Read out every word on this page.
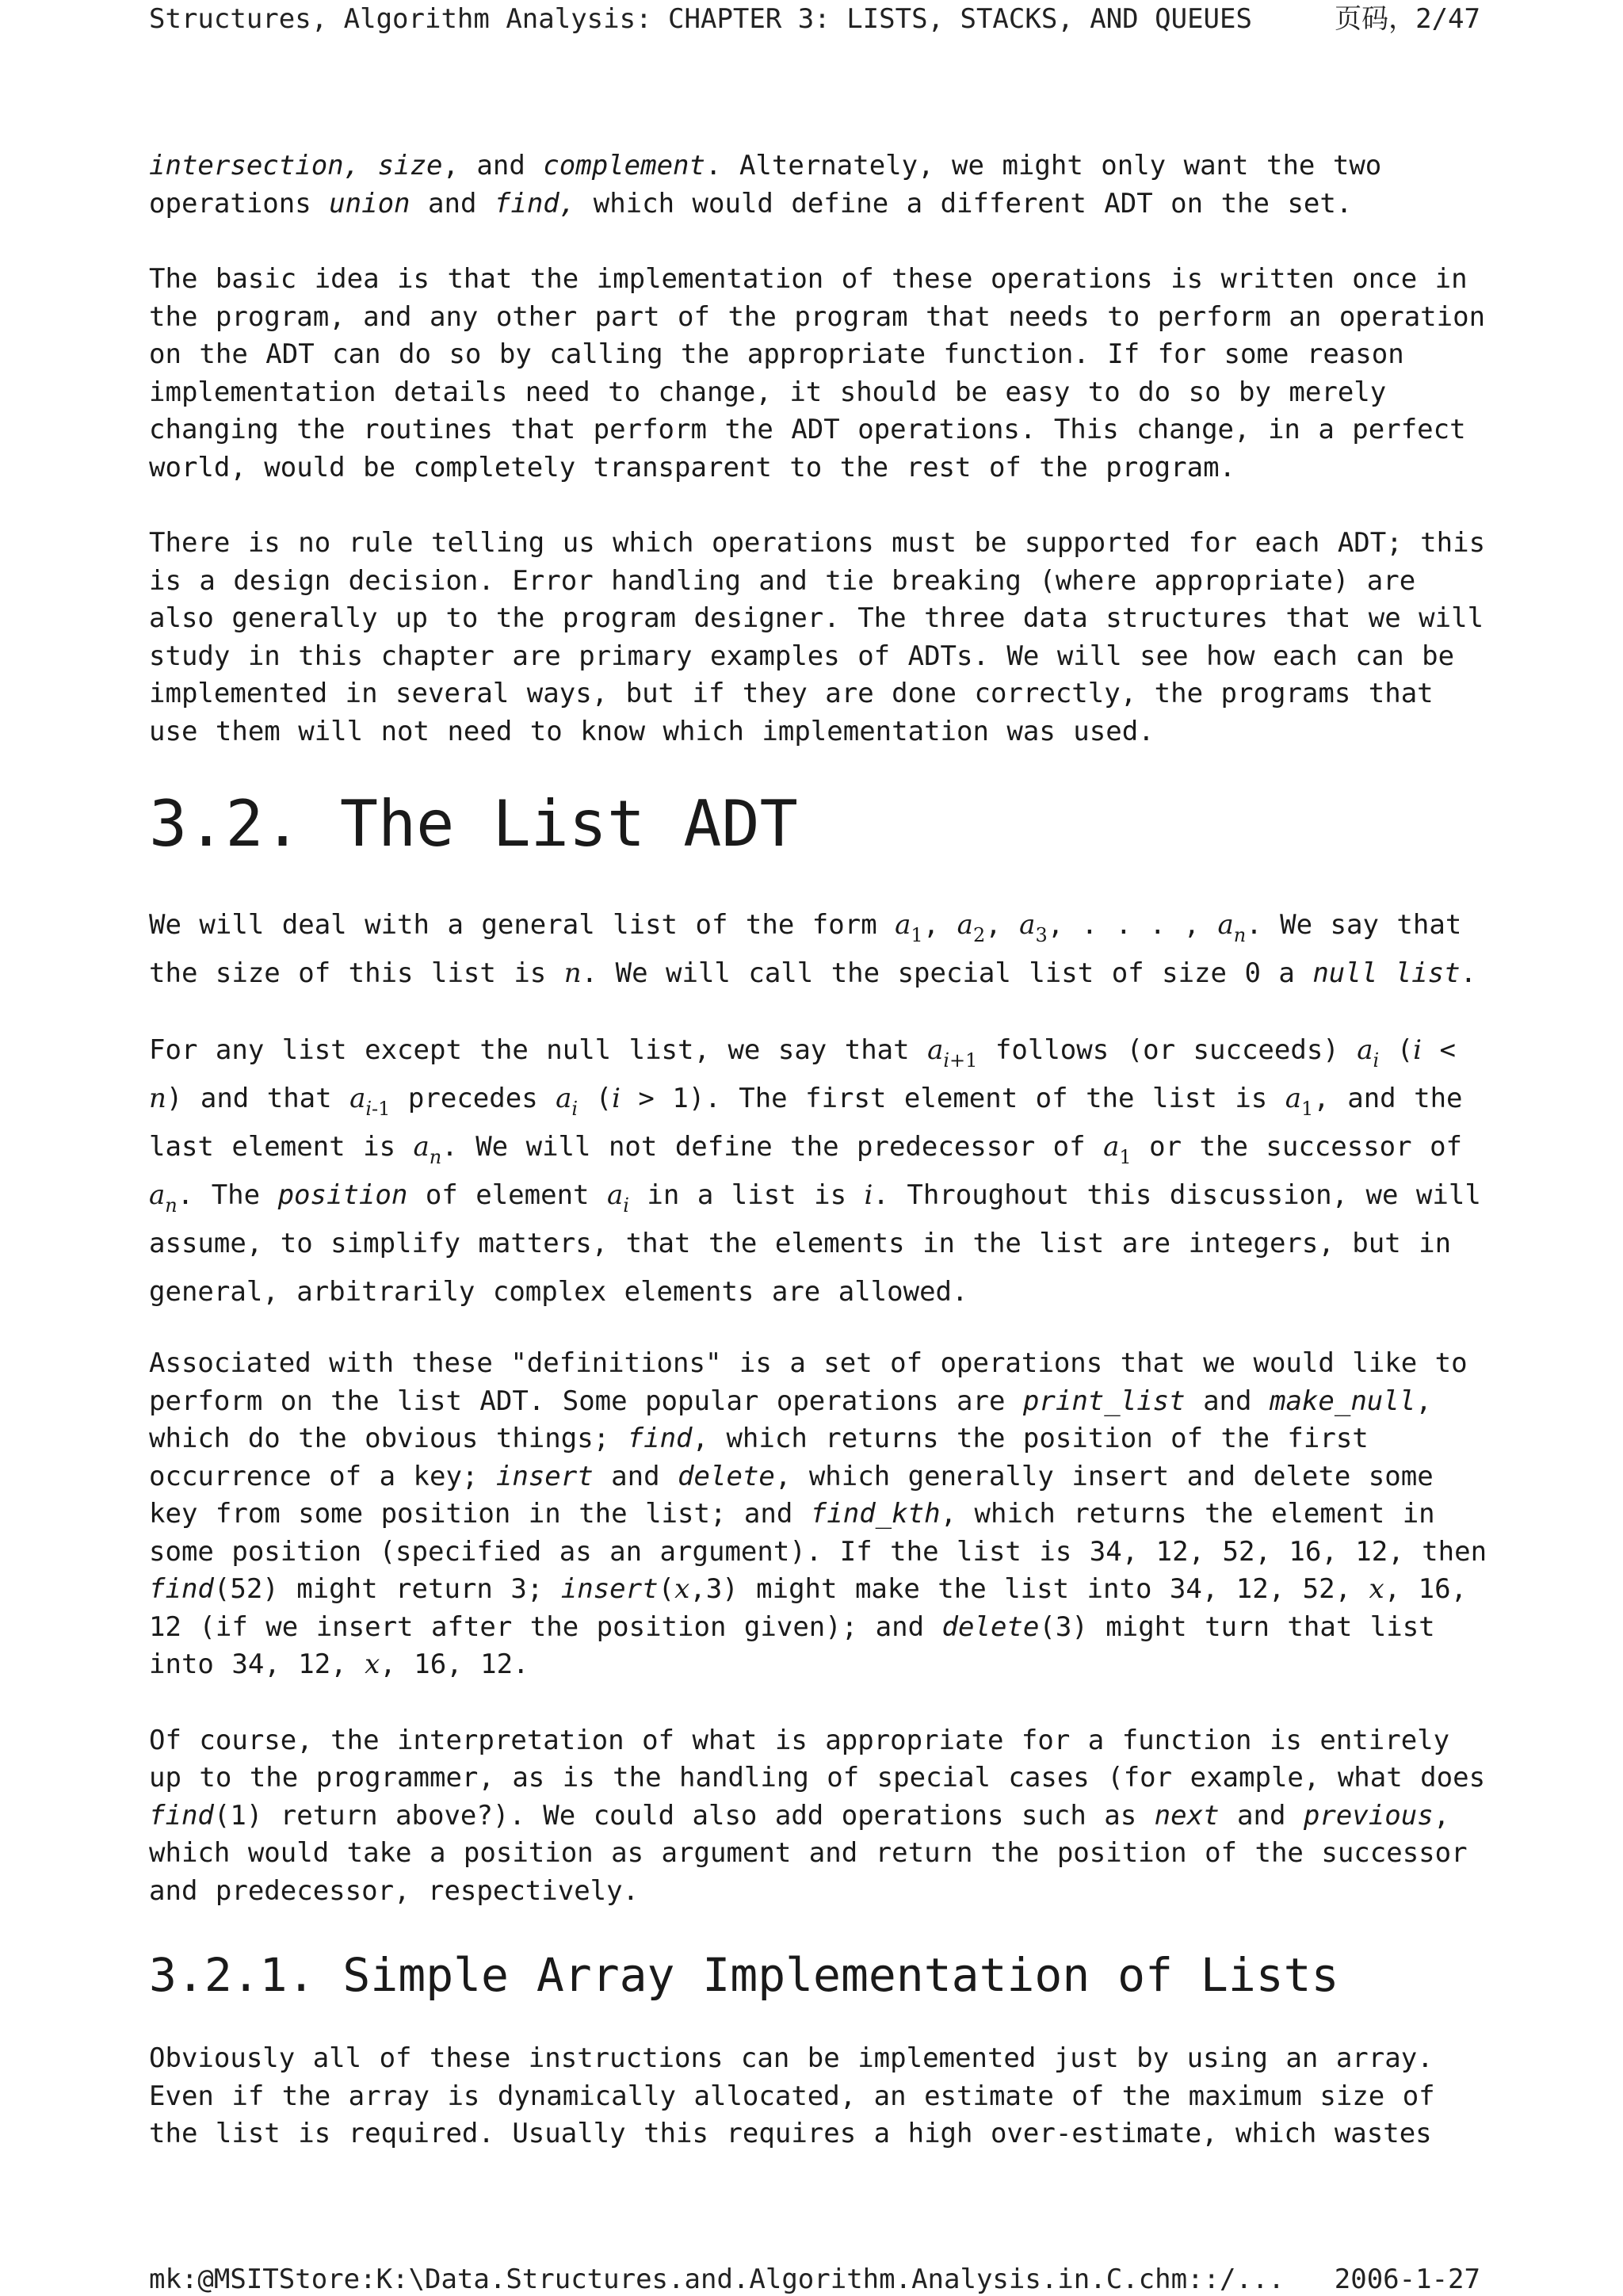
Structures, Algorithm Analysis: CHAPTER 3: LISTS, STACKS, AND QUEUES	页码，2/47

intersection, size, and complement. Alternately, we might only want the two operations union and find, which would define a different ADT on the set.

The basic idea is that the implementation of these operations is written once in the program, and any other part of the program that needs to perform an operation on the ADT can do so by calling the appropriate function. If for some reason implementation details need to change, it should be easy to do so by merely changing the routines that perform the ADT operations. This change, in a perfect world, would be completely transparent to the rest of the program.

There is no rule telling us which operations must be supported for each ADT; this is a design decision. Error handling and tie breaking (where appropriate) are also generally up to the program designer. The three data structures that we will study in this chapter are primary examples of ADTs. We will see how each can be implemented in several ways, but if they are done correctly, the programs that use them will not need to know which implementation was used.

3.2. The List ADT

We will deal with a general list of the form $a_1$, $a_2$, $a_3$, . . . , $a_n$. We say that the size of this list is n. We will call the special list of size 0 a null list.

For any list except the null list, we say that $a_{i+1}$ follows (or succeeds) $a_i$ (i < n) and that $a_{i-1}$ precedes $a_i$ (i > 1). The first element of the list is $a_1$, and the last element is $a_n$. We will not define the predecessor of $a_1$ or the successor of $a_n$. The position of element $a_i$ in a list is i. Throughout this discussion, we will assume, to simplify matters, that the elements in the list are integers, but in general, arbitrarily complex elements are allowed.

Associated with these "definitions" is a set of operations that we would like to perform on the list ADT. Some popular operations are print_list and make_null, which do the obvious things; find, which returns the position of the first occurrence of a key; insert and delete, which generally insert and delete some key from some position in the list; and find_kth, which returns the element in some position (specified as an argument). If the list is 34, 12, 52, 16, 12, then find(52) might return 3; insert(x,3) might make the list into 34, 12, 52, x, 16, 12 (if we insert after the position given); and delete(3) might turn that list into 34, 12, x, 16, 12.

Of course, the interpretation of what is appropriate for a function is entirely up to the programmer, as is the handling of special cases (for example, what does find(1) return above?). We could also add operations such as next and previous, which would take a position as argument and return the position of the successor and predecessor, respectively.

3.2.1. Simple Array Implementation of Lists

Obviously all of these instructions can be implemented just by using an array. Even if the array is dynamically allocated, an estimate of the maximum size of the list is required. Usually this requires a high over-estimate, which wastes

mk:@MSITStore:K:\Data.Structures.and.Algorithm.Analysis.in.C.chm::/... 2006-1-27
